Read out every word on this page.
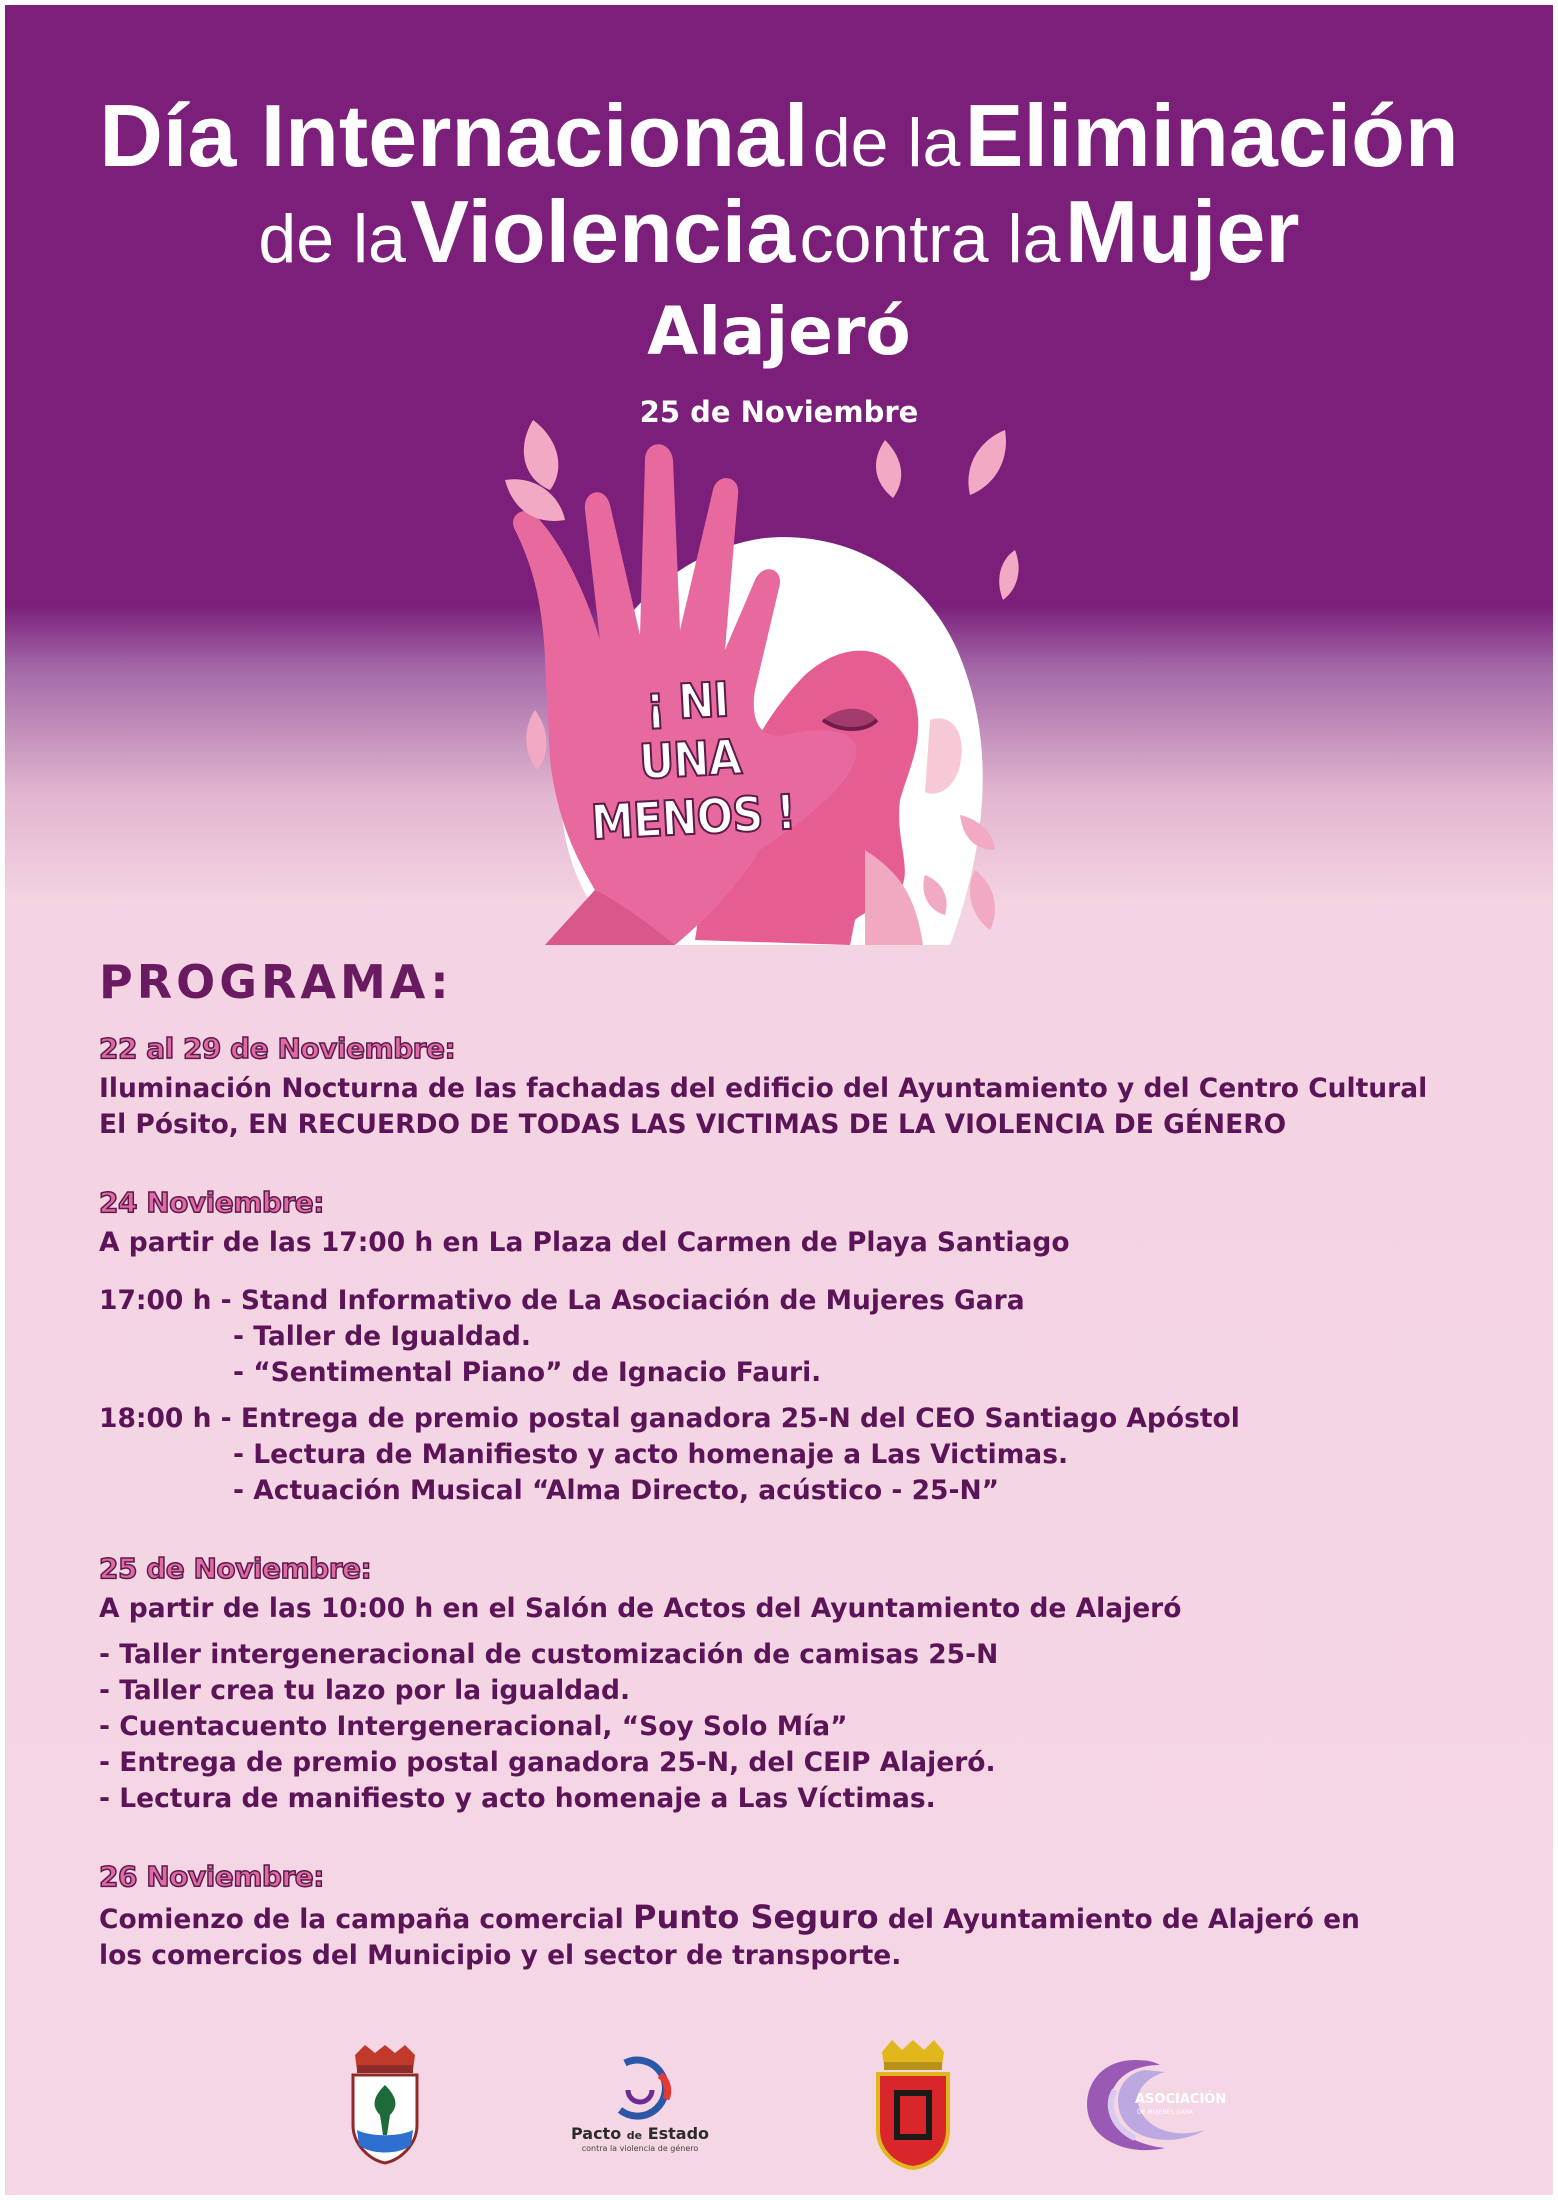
Día Internacional de la Eliminación
de la Violencia contra la Mujer
Alajeró
25 de Noviembre
¡ NI
UNA
MENOS !
PROGRAMA:
22 al 29 de Noviembre:
Iluminación Nocturna de las fachadas del edificio del Ayuntamiento y del Centro Cultural
El Pósito, EN RECUERDO DE TODAS LAS VICTIMAS DE LA VIOLENCIA DE GÉNERO
24 Noviembre:
A partir de las 17:00 h en La Plaza del Carmen de Playa Santiago
17:00 h - Stand Informativo de La Asociación de Mujeres Gara
- Taller de Igualdad.
- “Sentimental Piano” de Ignacio Fauri.
18:00 h - Entrega de premio postal ganadora 25-N del CEO Santiago Apóstol
- Lectura de Manifiesto y acto homenaje a Las Victimas.
- Actuación Musical “Alma Directo, acústico - 25-N”
25 de Noviembre:
A partir de las 10:00 h en el Salón de Actos del Ayuntamiento de Alajeró
- Taller intergeneracional de customización de camisas 25-N
- Taller crea tu lazo por la igualdad.
- Cuentacuento Intergeneracional, “Soy Solo Mía”
- Entrega de premio postal ganadora 25-N, del CEIP Alajeró.
- Lectura de manifiesto y acto homenaje a Las Víctimas.
26 Noviembre:
Comienzo de la campaña comercial Punto Seguro del Ayuntamiento de Alajeró en
los comercios del Municipio y el sector de transporte.
Pacto de Estado
contra la violencia de género
ASOCIACIÓN
DE MUJERES GARA
